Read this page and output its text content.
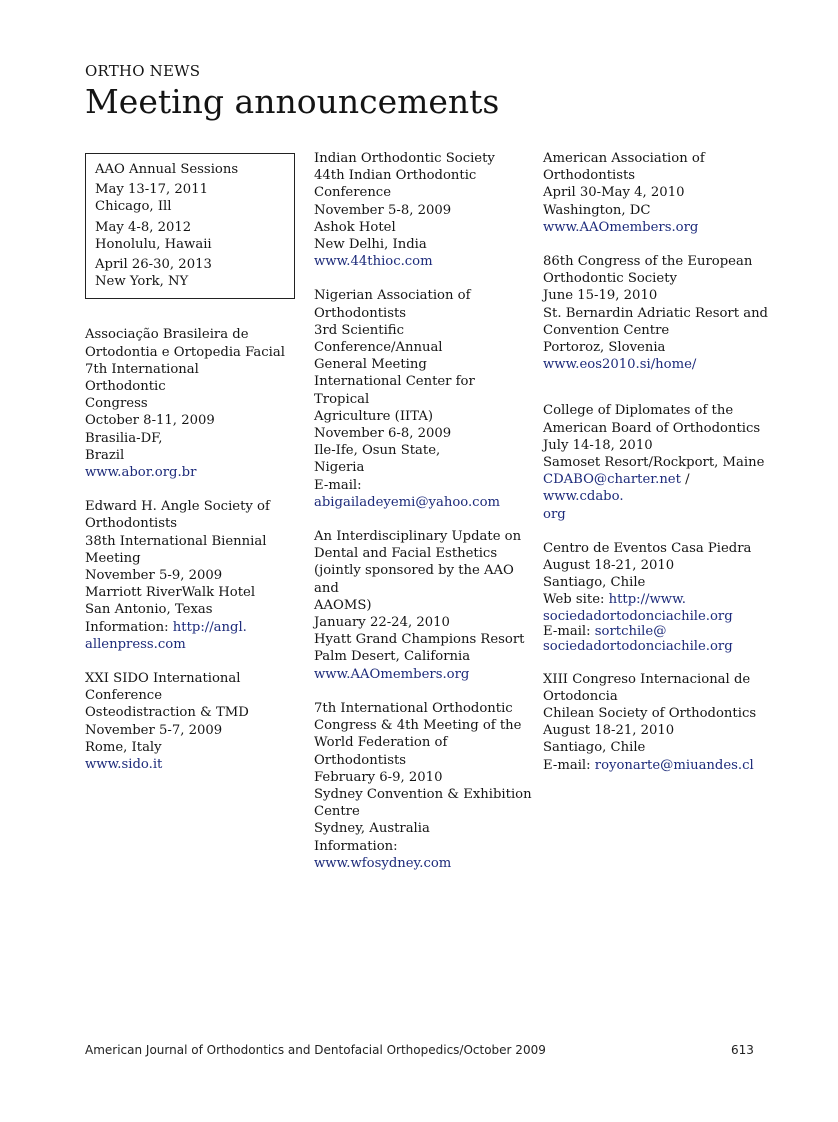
ORTHO NEWS
Meeting announcements
AAO Annual Sessions
May 13-17, 2011
Chicago, Ill
May 4-8, 2012
Honolulu, Hawaii
April 26-30, 2013
New York, NY
Associação Brasileira de
Ortodontia e Ortopedia Facial
7th International
Orthodontic
Congress
October 8-11, 2009
Brasilia-DF,
Brazil
www.abor.org.br
Edward H. Angle Society of
Orthodontists
38th International Biennial
Meeting
November 5-9, 2009
Marriott RiverWalk Hotel
San Antonio, Texas
Information: http://angl.
allenpress.com
XXI SIDO International
Conference
Osteodistraction & TMD
November 5-7, 2009
Rome, Italy
www.sido.it
Indian Orthodontic Society
44th Indian Orthodontic
Conference
November 5-8, 2009
Ashok Hotel
New Delhi, India
www.44thioc.com
Nigerian Association of
Orthodontists
3rd Scientific Conference/Annual
General Meeting
International Center for Tropical
Agriculture (IITA)
November 6-8, 2009
Ile-Ife, Osun State,
Nigeria
E-mail: abigailadeyemi@yahoo.com
An Interdisciplinary Update on
Dental and Facial Esthetics
(jointly sponsored by the AAO and
AAOMS)
January 22-24, 2010
Hyatt Grand Champions Resort
Palm Desert, California
www.AAOmembers.org
7th International Orthodontic
Congress & 4th Meeting of the
World Federation of
Orthodontists
February 6-9, 2010
Sydney Convention & Exhibition
Centre
Sydney, Australia
Information: www.wfosydney.com
American Association of
Orthodontists
April 30-May 4, 2010
Washington, DC
www.AAOmembers.org
86th Congress of the European
Orthodontic Society
June 15-19, 2010
St. Bernardin Adriatic Resort and
Convention Centre
Portoroz, Slovenia
www.eos2010.si/home/
College of Diplomates of the
American Board of Orthodontics
July 14-18, 2010
Samoset Resort/Rockport, Maine
CDABO@charter.net / www.cdabo.
org
Centro de Eventos Casa Piedra
August 18-21, 2010
Santiago, Chile
Web site: http://www.
sociedadortodonciachile.org
E-mail: sortchile@
sociedadortodonciachile.org
XIII Congreso Internacional de
Ortodoncia
Chilean Society of Orthodontics
August 18-21, 2010
Santiago, Chile
E-mail: royonarte@miuandes.cl
American Journal of Orthodontics and Dentofacial Orthopedics/October 2009	613
